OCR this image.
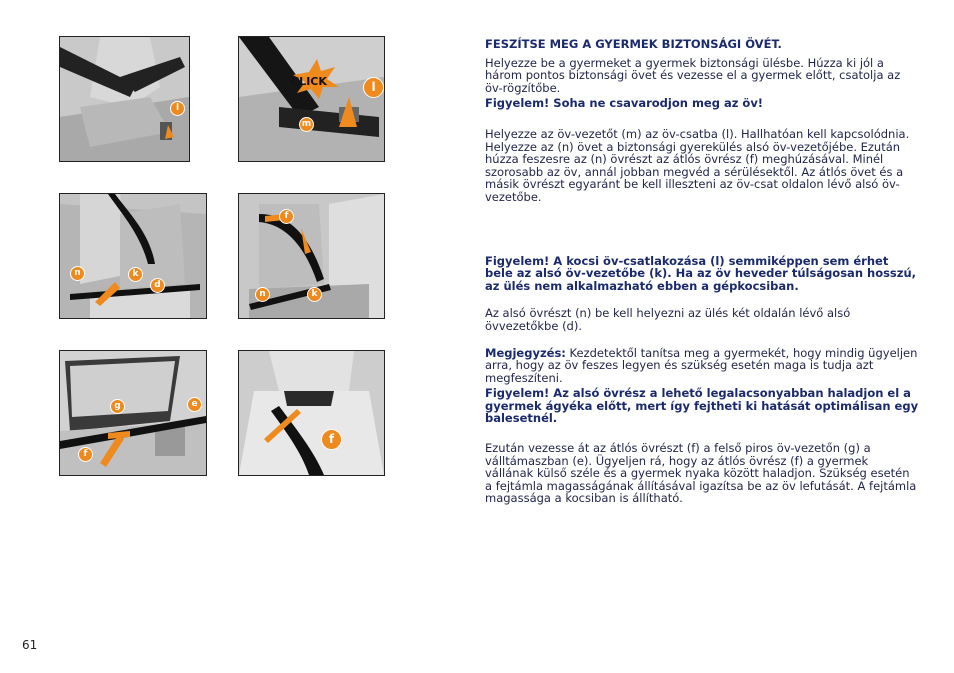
l
CLICK	l
m
n	k
d
f
n	k
g	e
f
f

FESZÍTSE MEG A GYERMEK BIZTONSÁGI ÖVÉT.

Helyezze be a gyermeket a gyermek biztonsági ülésbe. Húzza ki jól a három pontos biztonsági övet és vezesse el a gyermek előtt, csatolja az öv-rögzítőbe.

Figyelem! Soha ne csavarodjon meg az öv!

Helyezze az öv-vezetőt (m) az öv-csatba (l). Hallhatóan kell kapcsolódnia. Helyezze az (n) övet a biztonsági gyerekülés alsó öv-vezetőjébe. Ezután húzza feszesre az (n) övrészt az átlós övrész (f) meghúzásával. Minél szorosabb az öv, annál jobban megvéd a sérülésektől. Az átlós övet és a másik övrészt egyaránt be kell illeszteni az öv-csat oldalon lévő alsó öv-vezetőbe.

Figyelem! A kocsi öv-csatlakozása (l) semmiképpen sem érhet bele az alsó öv-vezetőbe (k). Ha az öv heveder túlságosan hosszú, az ülés nem alkalmazható ebben a gépkocsiban.

Az alsó övrészt (n) be kell helyezni az ülés két oldalán lévő alsó övvezetőkbe (d).

Megjegyzés: Kezdetektől tanítsa meg a gyermekét, hogy mindig ügyeljen arra, hogy az öv feszes legyen és szükség esetén maga is tudja azt megfeszíteni.

Figyelem! Az alsó övrész a lehető legalacsonyabban haladjon el a gyermek ágyéka előtt, mert így fejtheti ki hatását optimálisan egy balesetnél.

Ezután vezesse át az átlós övrészt (f) a felső piros öv-vezetőn (g) a válltámaszban (e). Ügyeljen rá, hogy az átlós övrész (f) a gyermek vállának külső széle és a gyermek nyaka között haladjon. Szükség esetén a fejtámla magasságának állításával igazítsa be az öv lefutását. A fejtámla magassága a kocsiban is állítható.

61
